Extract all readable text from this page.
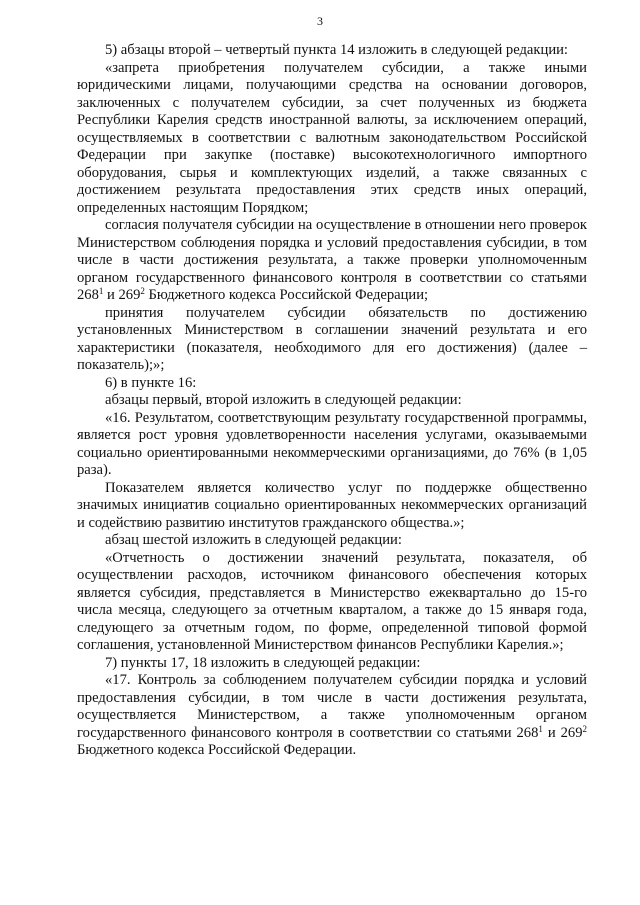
3

5) абзацы второй – четвертый пункта 14 изложить в следующей редакции:

«запрета приобретения получателем субсидии, а также иными юридическими лицами, получающими средства на основании договоров, заключенных с получателем субсидии, за счет полученных из бюджета Республики Карелия средств иностранной валюты, за исключением операций, осуществляемых в соответствии с валютным законодательством Российской Федерации при закупке (поставке) высокотехнологичного импортного оборудования, сырья и комплектующих изделий, а также связанных с достижением результата предоставления этих средств иных операций, определенных настоящим Порядком;

согласия получателя субсидии на осуществление в отношении него проверок Министерством соблюдения порядка и условий предоставления субсидии, в том числе в части достижения результата, а также проверки уполномоченным органом государственного финансового контроля в соответствии со статьями $268^1$ и $269^2$ Бюджетного кодекса Российской Федерации;

принятия получателем субсидии обязательств по достижению установленных Министерством в соглашении значений результата и его характеристики (показателя, необходимого для его достижения) (далее – показатель);»;

6) в пункте 16:

абзацы первый, второй изложить в следующей редакции:

«16. Результатом, соответствующим результату государственной программы, является рост уровня удовлетворенности населения услугами, оказываемыми социально ориентированными некоммерческими организациями, до 76% (в 1,05 раза).

Показателем является количество услуг по поддержке общественно значимых инициатив социально ориентированных некоммерческих организаций и содействию развитию институтов гражданского общества.»;

абзац шестой изложить в следующей редакции:

«Отчетность о достижении значений результата, показателя, об осуществлении расходов, источником финансового обеспечения которых является субсидия, представляется в Министерство ежеквартально до 15-го числа месяца, следующего за отчетным кварталом, а также до 15 января года, следующего за отчетным годом, по форме, определенной типовой формой соглашения, установленной Министерством финансов Республики Карелия.»;

7) пункты 17, 18 изложить в следующей редакции:

«17. Контроль за соблюдением получателем субсидии порядка и условий предоставления субсидии, в том числе в части достижения результата, осуществляется Министерством, а также уполномоченным органом государственного финансового контроля в соответствии со статьями $268^1$ и $269^2$ Бюджетного кодекса Российской Федерации.
